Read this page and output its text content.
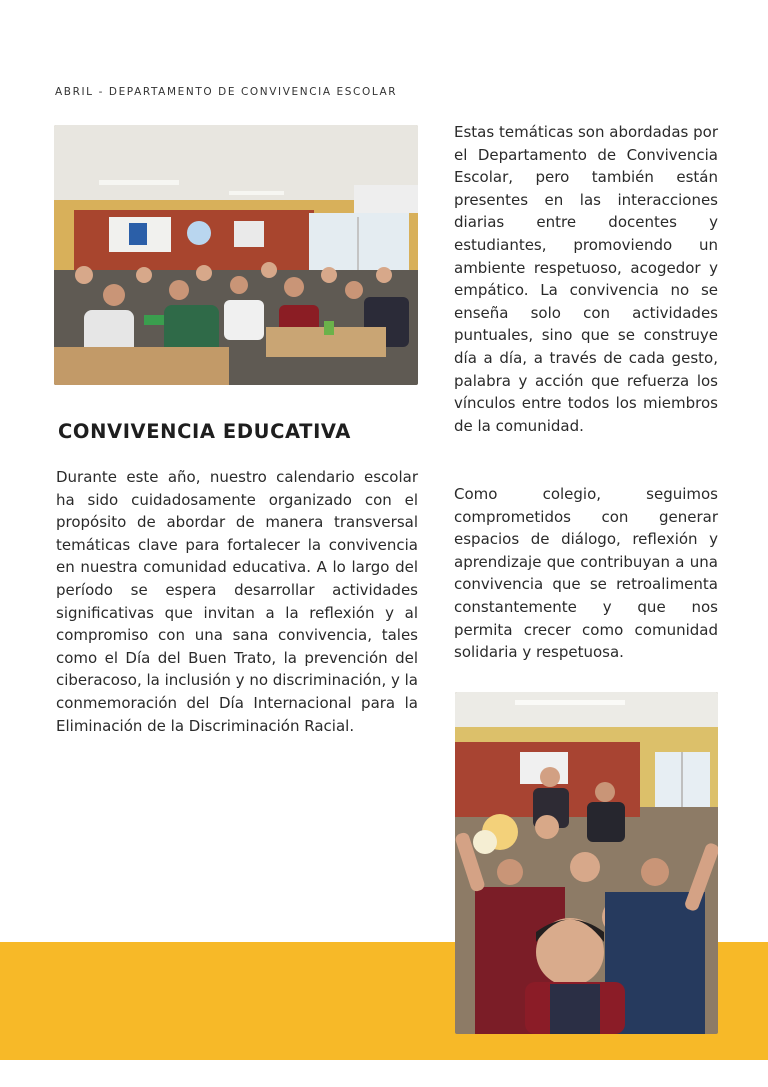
ABRIL - DEPARTAMENTO DE CONVIVENCIA ESCOLAR
CONVIVENCIA EDUCATIVA

Durante este año, nuestro calendario escolar ha sido cuidadosamente organizado con el propósito de abordar de manera transversal temáticas clave para fortalecer la convivencia en nuestra comunidad educativa. A lo largo del período se espera desarrollar actividades significativas que invitan a la reflexión y al compromiso con una sana convivencia, tales como el Día del Buen Trato, la prevención del ciberacoso, la inclusión y no discriminación, y la conmemoración del Día Internacional para la Eliminación de la Discriminación Racial.

Estas temáticas son abordadas por el Departamento de Convivencia Escolar, pero también están presentes en las interacciones diarias entre docentes y estudiantes, promoviendo un ambiente respetuoso, acogedor y empático. La convivencia no se enseña solo con actividades puntuales, sino que se construye día a día, a través de cada gesto, palabra y acción que refuerza los vínculos entre todos los miembros de la comunidad.

Como colegio, seguimos comprometidos con generar espacios de diálogo, reflexión y aprendizaje que contribuyan a una convivencia que se retroalimenta constantemente y que nos permita crecer como comunidad solidaria y respetuosa.
